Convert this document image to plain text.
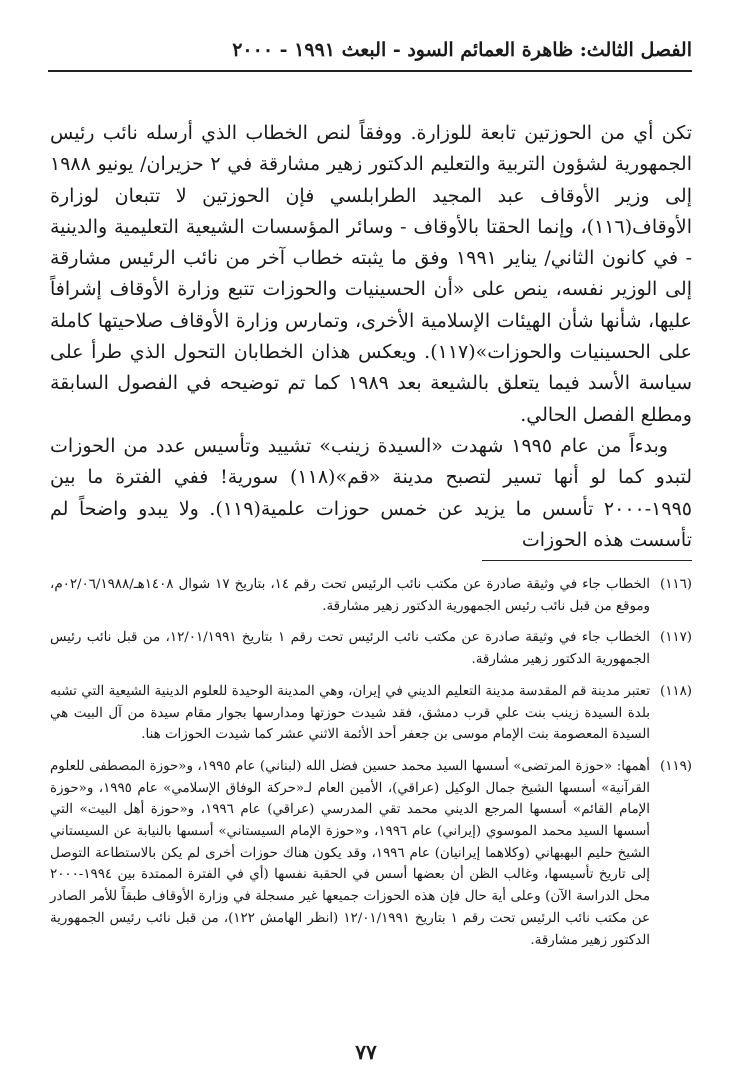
الفصل الثالث: ظاهرة العمائم السود - البعث ١٩٩١ - ٢٠٠٠

تكن أي من الحوزتين تابعة للوزارة. ووفقاً لنص الخطاب الذي أرسله نائب رئيس الجمهورية لشؤون التربية والتعليم الدكتور زهير مشارقة في ٢ حزيران/ يونيو ١٩٨٨ إلى وزير الأوقاف عبد المجيد الطرابلسي فإن الحوزتين لا تتبعان لوزارة الأوقاف(١١٦)، وإنما الحقتا بالأوقاف - وسائر المؤسسات الشيعية التعليمية والدينية - في كانون الثاني/ يناير ١٩٩١ وفق ما يثبته خطاب آخر من نائب الرئيس مشارقة إلى الوزير نفسه، ينص على «أن الحسينيات والحوزات تتبع وزارة الأوقاف إشرافاً عليها، شأنها شأن الهيئات الإسلامية الأخرى، وتمارس وزارة الأوقاف صلاحيتها كاملة على الحسينيات والحوزات»(١١٧). ويعكس هذان الخطابان التحول الذي طرأ على سياسة الأسد فيما يتعلق بالشيعة بعد ١٩٨٩ كما تم توضيحه في الفصول السابقة ومطلع الفصل الحالي.

وبدءاً من عام ١٩٩٥ شهدت «السيدة زينب» تشييد وتأسيس عدد من الحوزات لتبدو كما لو أنها تسير لتصبح مدينة «قم»(١١٨) سورية! ففي الفترة ما بين ١٩٩٥-٢٠٠٠ تأسس ما يزيد عن خمس حوزات علمية(١١٩). ولا يبدو واضحاً لم تأسست هذه الحوزات

(١١٦)
الخطاب جاء في وثيقة صادرة عن مكتب نائب الرئيس تحت رقم ١٤، بتاريخ ١٧ شوال ١٤٠٨هـ/٠٢/٠٦/١٩٨٨م، وموقع من قبل نائب رئيس الجمهورية الدكتور زهير مشارقة.
(١١٧)
الخطاب جاء في وثيقة صادرة عن مكتب نائب الرئيس تحت رقم ١ بتاريخ ١٢/٠١/١٩٩١، من قبل نائب رئيس الجمهورية الدكتور زهير مشارقة.
(١١٨)
تعتبر مدينة قم المقدسة مدينة التعليم الديني في إيران، وهي المدينة الوحيدة للعلوم الدينية الشيعية التي تشبه بلدة السيدة زينب بنت علي قرب دمشق، فقد شيدت حوزتها ومدارسها بجوار مقام سيدة من آل البيت هي السيدة المعصومة بنت الإمام موسى بن جعفر أحد الأئمة الاثني عشر كما شيدت الحوزات هنا.
(١١٩)
أهمها: «حوزة المرتضى» أسسها السيد محمد حسين فضل الله (لبناني) عام ١٩٩٥، و«حوزة المصطفى للعلوم القرآنية» أسسها الشيخ جمال الوكيل (عراقي)، الأمين العام لـ«حركة الوفاق الإسلامي» عام ١٩٩٥، و«حوزة الإمام القائم» أسسها المرجع الديني محمد تقي المدرسي (عراقي) عام ١٩٩٦، و«حوزة أهل البيت» التي أسسها السيد محمد الموسوي (إيراني) عام ١٩٩٦، و«حوزة الإمام السيستاني» أسسها بالنيابة عن السيستاني الشيخ حليم البهبهاني (وكلاهما إيرانيان) عام ١٩٩٦، وقد يكون هناك حوزات أخرى لم يكن بالاستطاعة التوصل إلى تاريخ تأسيسها، وغالب الظن أن بعضها أسس في الحقبة نفسها (أي في الفترة الممتدة بين ١٩٩٤-٢٠٠٠ محل الدراسة الآن) وعلى أية حال فإن هذه الحوزات جميعها غير مسجلة في وزارة الأوقاف طبقاً للأمر الصادر عن مكتب نائب الرئيس تحت رقم ١ بتاريخ ١٢/٠١/١٩٩١ (انظر الهامش ١٢٢)، من قبل نائب رئيس الجمهورية الدكتور زهير مشارقة.
٧٧
